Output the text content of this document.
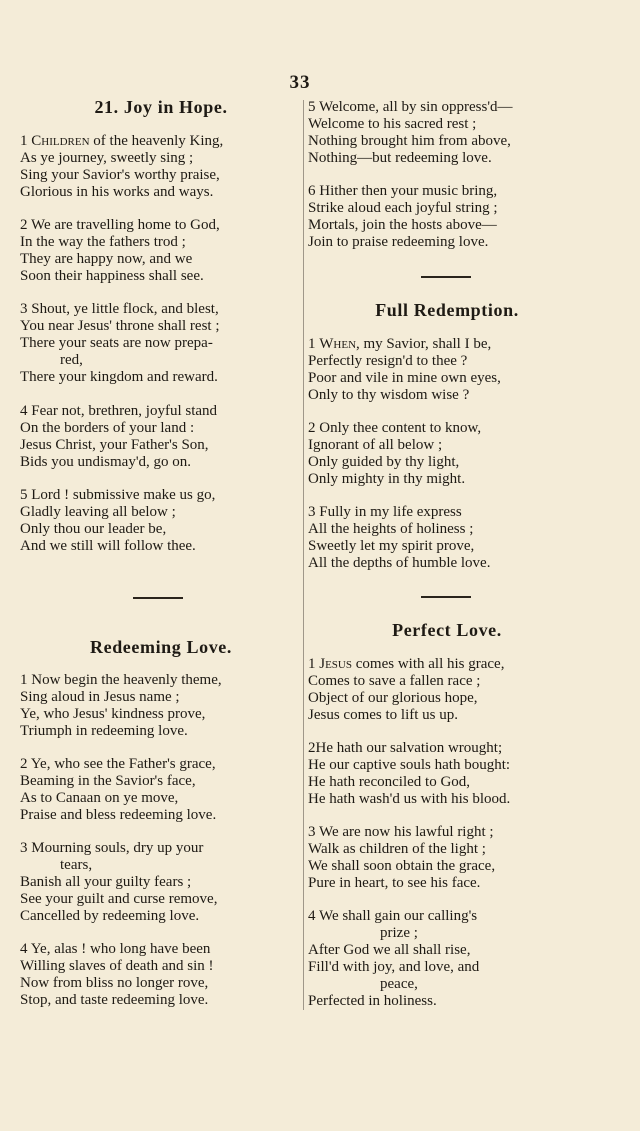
33
21. Joy in Hope.
1 Children of the heavenly King,
As ye journey, sweetly sing ;
Sing your Savior's worthy praise,
Glorious in his works and ways.
2 We are travelling home to God,
In the way the fathers trod ;
They are happy now, and we
Soon their happiness shall see.
3 Shout, ye little flock, and blest,
You near Jesus' throne shall rest ;
There your seats are now prepa-
red,
There your kingdom and reward.
4 Fear not, brethren, joyful stand
On the borders of your land :
Jesus Christ, your Father's Son,
Bids you undismay'd, go on.
5 Lord ! submissive make us go,
Gladly leaving all below ;
Only thou our leader be,
And we still will follow thee.
Redeeming Love.
1 Now begin the heavenly theme,
Sing aloud in Jesus name ;
Ye, who Jesus' kindness prove,
Triumph in redeeming love.
2 Ye, who see the Father's grace,
Beaming in the Savior's face,
As to Canaan on ye move,
Praise and bless redeeming love.
3 Mourning souls, dry up your
tears,
Banish all your guilty fears ;
See your guilt and curse remove,
Cancelled by redeeming love.
4 Ye, alas ! who long have been
Willing slaves of death and sin !
Now from bliss no longer rove,
Stop, and taste redeeming love.
5 Welcome, all by sin oppress'd—
Welcome to his sacred rest ;
Nothing brought him from above,
Nothing—but redeeming love.
6 Hither then your music bring,
Strike aloud each joyful string ;
Mortals, join the hosts above—
Join to praise redeeming love.
Full Redemption.
1 When, my Savior, shall I be,
Perfectly resign'd to thee ?
Poor and vile in mine own eyes,
Only to thy wisdom wise ?
2 Only thee content to know,
Ignorant of all below ;
Only guided by thy light,
Only mighty in thy might.
3 Fully in my life express
All the heights of holiness ;
Sweetly let my spirit prove,
All the depths of humble love.
Perfect Love.
1 Jesus comes with all his grace,
Comes to save a fallen race ;
Object of our glorious hope,
Jesus comes to lift us up.
2He hath our salvation wrought;
He our captive souls hath bought:
He hath reconciled to God,
He hath wash'd us with his blood.
3 We are now his lawful right ;
Walk as children of the light ;
We shall soon obtain the grace,
Pure in heart, to see his face.
4 We shall gain our calling's
prize ;
After God we all shall rise,
Fill'd with joy, and love, and
peace,
Perfected in holiness.
